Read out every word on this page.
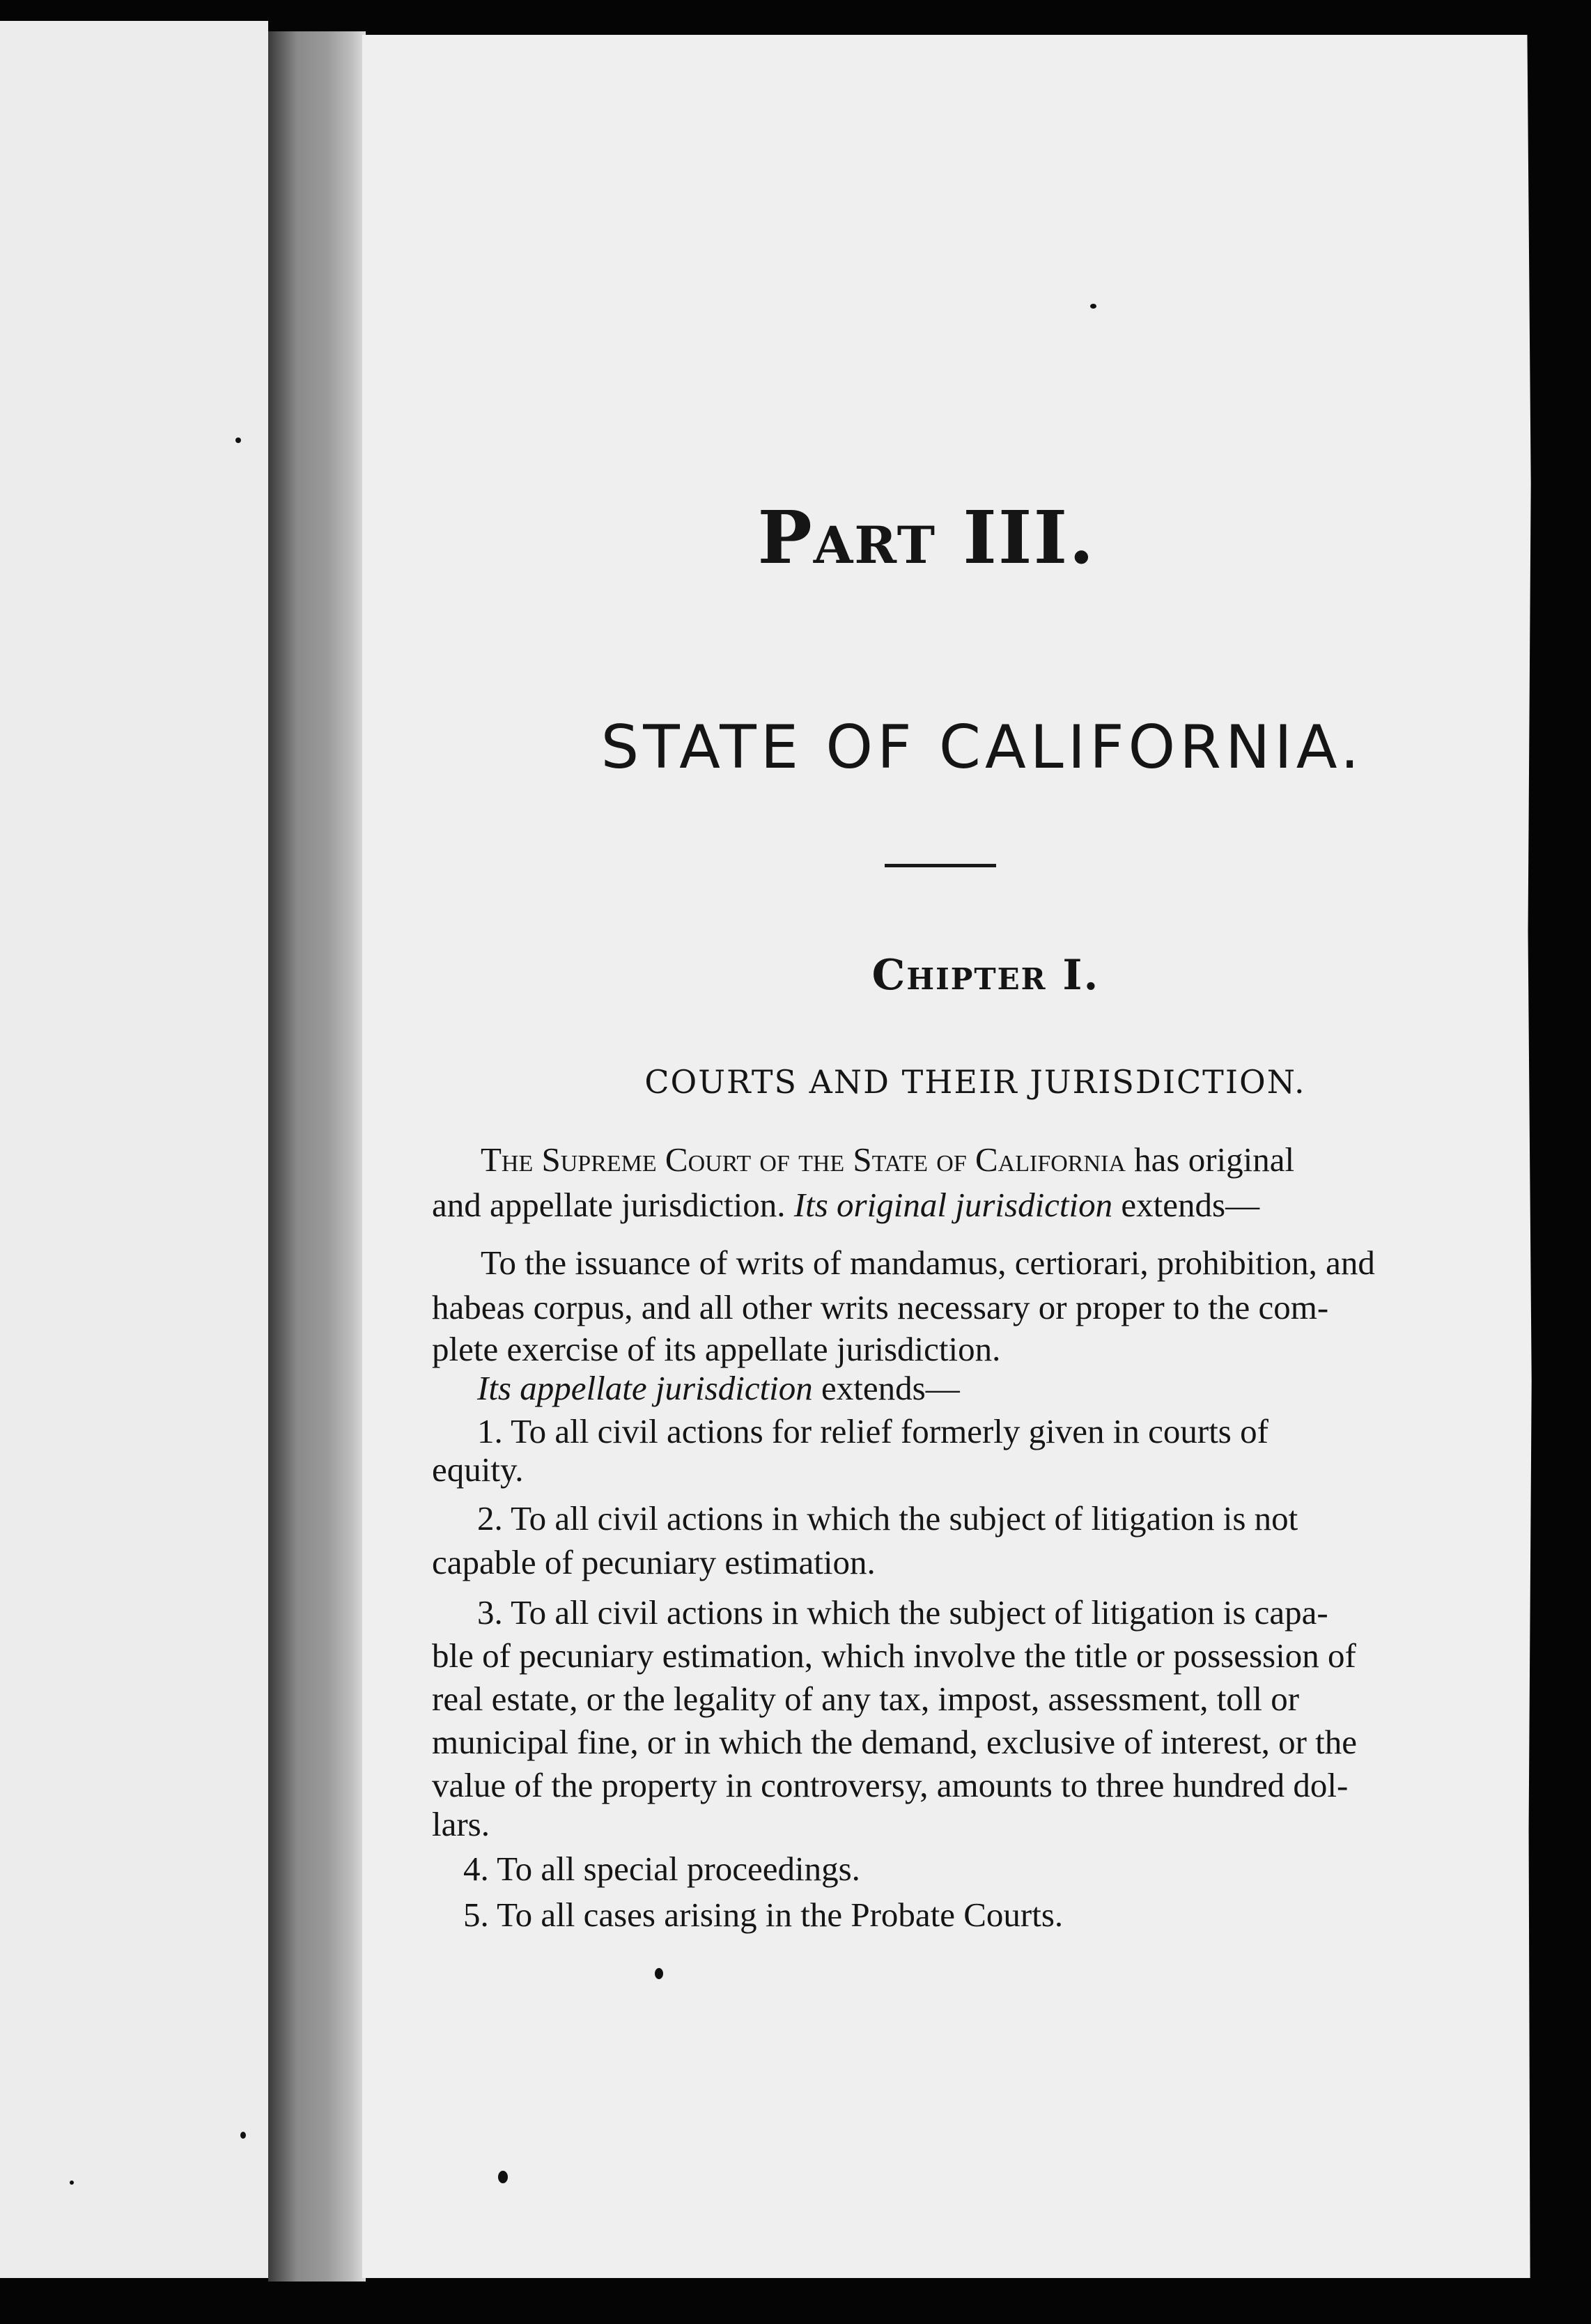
Part III.
STATE OF CALIFORNIA.
Chıpter I.
COURTS AND THEIR JURISDICTION.
The Supreme Court of the State of California has original
and appellate jurisdiction. Its original jurisdiction extends—
To the issuance of writs of mandamus, certiorari, prohibition, and
habeas corpus, and all other writs necessary or proper to the com-
plete exercise of its appellate jurisdiction.
Its appellate jurisdiction extends—
1. To all civil actions for relief formerly given in courts of
equity.
2. To all civil actions in which the subject of litigation is not
capable of pecuniary estimation.
3. To all civil actions in which the subject of litigation is capa-
ble of pecuniary estimation, which involve the title or possession of
real estate, or the legality of any tax, impost, assessment, toll or
municipal fine, or in which the demand, exclusive of interest, or the
value of the property in controversy, amounts to three hundred dol-
lars.
4. To all special proceedings.
5. To all cases arising in the Probate Courts.
